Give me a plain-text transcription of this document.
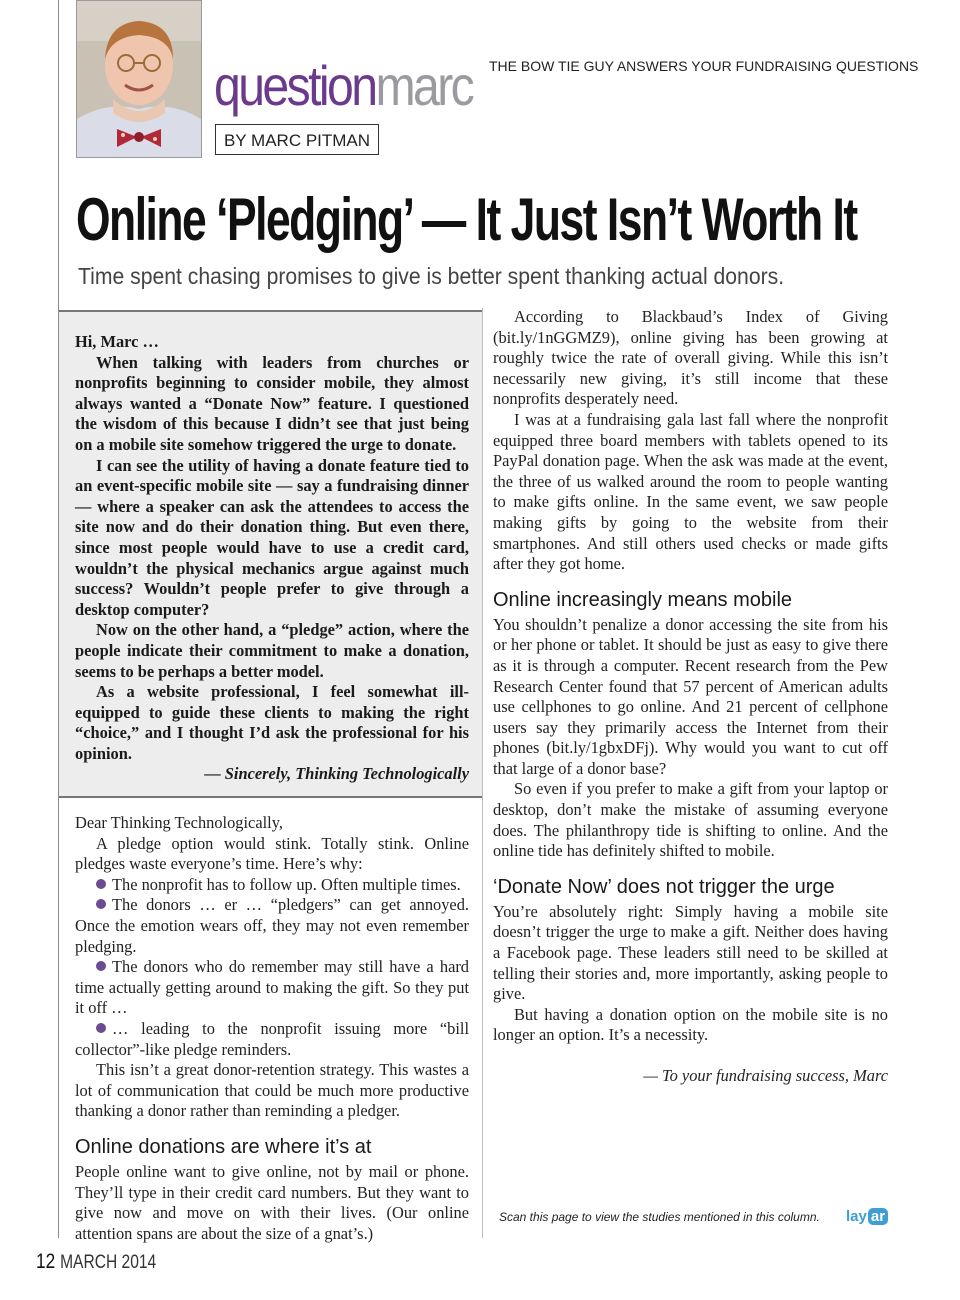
questionmarc
BY MARC PITMAN
THE BOW TIE GUY ANSWERS YOUR FUNDRAISING QUESTIONS
Online ‘Pledging’ — It Just Isn’t Worth It
Time spent chasing promises to give is better spent thanking actual donors.

Hi, Marc …

When talking with leaders from churches or nonprofits beginning to consider mobile, they almost always wanted a “Donate Now” feature. I questioned the wisdom of this because I didn’t see that just being on a mobile site somehow triggered the urge to donate.

I can see the utility of having a donate feature tied to an event-specific mobile site — say a fundraising dinner — where a speaker can ask the attendees to access the site now and do their donation thing. But even there, since most people would have to use a credit card, wouldn’t the physical mechanics argue against much success? Wouldn’t people prefer to give through a desktop computer?

Now on the other hand, a “pledge” action, where the people indicate their commitment to make a donation, seems to be perhaps a better model.

As a website professional, I feel somewhat ill-equipped to guide these clients to making the right “choice,” and I thought I’d ask the professional for his opinion.

— Sincerely, Thinking Technologically

Dear Thinking Technologically,

A pledge option would stink. Totally stink. Online pledges waste everyone’s time. Here’s why:

The nonprofit has to follow up. Often multiple times.

The donors … er … “pledgers” can get annoyed. Once the emotion wears off, they may not even remember pledging.

The donors who do remember may still have a hard time actually getting around to making the gift. So they put it off …

… leading to the nonprofit issuing more “bill collector”-like pledge reminders.

This isn’t a great donor-retention strategy. This wastes a lot of communication that could be much more productive thanking a donor rather than reminding a pledger.

Online donations are where it’s at

People online want to give online, not by mail or phone. They’ll type in their credit card numbers. But they want to give now and move on with their lives. (Our online attention spans are about the size of a gnat’s.)

According to Blackbaud’s Index of Giving (bit.ly/1nGGMZ9), online giving has been growing at roughly twice the rate of overall giving. While this isn’t necessarily new giving, it’s still income that these nonprofits desperately need.

I was at a fundraising gala last fall where the nonprofit equipped three board members with tablets opened to its PayPal donation page. When the ask was made at the event, the three of us walked around the room to people wanting to make gifts online. In the same event, we saw people making gifts by going to the website from their smartphones. And still others used checks or made gifts after they got home.

Online increasingly means mobile

You shouldn’t penalize a donor accessing the site from his or her phone or tablet. It should be just as easy to give there as it is through a computer. Recent research from the Pew Research Center found that 57 percent of American adults use cellphones to go online. And 21 percent of cellphone users say they primarily access the Internet from their phones (bit.ly/1gbxDFj). Why would you want to cut off that large of a donor base?

So even if you prefer to make a gift from your laptop or desktop, don’t make the mistake of assuming everyone does. The philanthropy tide is shifting to online. And the online tide has definitely shifted to mobile.

‘Donate Now’ does not trigger the urge

You’re absolutely right: Simply having a mobile site doesn’t trigger the urge to make a gift. Neither does having a Facebook page. These leaders still need to be skilled at telling their stories and, more importantly, asking people to give.

But having a donation option on the mobile site is no longer an option. It’s a necessity.

— To your fundraising success, Marc

Scan this page to view the studies mentioned in this column. lay ar
12 MARCH 2014
